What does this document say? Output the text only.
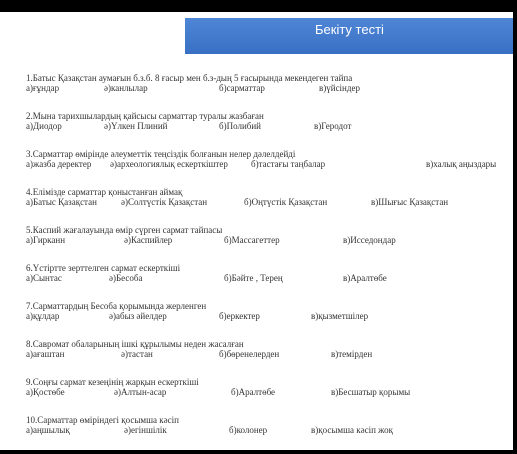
Бекіту тесті
1.Батыс Қазақстан аумағын б.з.б. 8 ғасыр мен б.з-дың 5 ғасырында мекендеген тайпа
а)ғұндар	ә)канлылар	б)сарматтар	в)үйсіндер
2.Мына тарихшылардың қайсысы сарматтар туралы жазбаған
а)Диодор	ә)Үлкен Плиний	б)Полибий	в)Геродот
3.Сарматтар өмірінде әлеуметтік теңсіздік болғанын нелер дәлелдейді
а)жазба деректер ә)археологиялық ескерткіштер	б)тастағы таңбалар	в)халық аңыздары
4.Елімізде сарматтар қоныстанған аймақ
а)Батыс Қазақстан	ә)Солтүстік Қазақстан	б)Оңтүстік Қазақстан	в)Шығыс Қазақстан
5.Каспий жағалауында өмір сүрген сармат тайпасы
а)Гирканн	ә)Каспийлер	б)Массагеттер	в)Исседондар
6.Үстіртте зерттелген сармат ескерткіші
а)Сынтас	ә)Бесоба	б)Бәйте , Терең	в)Аралтөбе
7.Сарматтардың Бесоба қорымында жерленген
а)құлдар	ә)абыз әйелдер	б)еркектер	в)қызметшілер
8.Савромат обаларының ішкі құрылымы неден жасалған
а)ағаштан	ә)тастан	б)бөренелерден	в)темірден
9.Соңғы сармат кезеңінің жарқын ескерткіші
а)Қостөбе	ә)Алтын-асар	б)Аралтөбе	в)Бесшатыр қорымы
10.Сарматтар өміріндегі қосымша кәсіп
а)аңшылық	ә)егіншілік	б)колонер	в)қосымша кәсіп жоқ
